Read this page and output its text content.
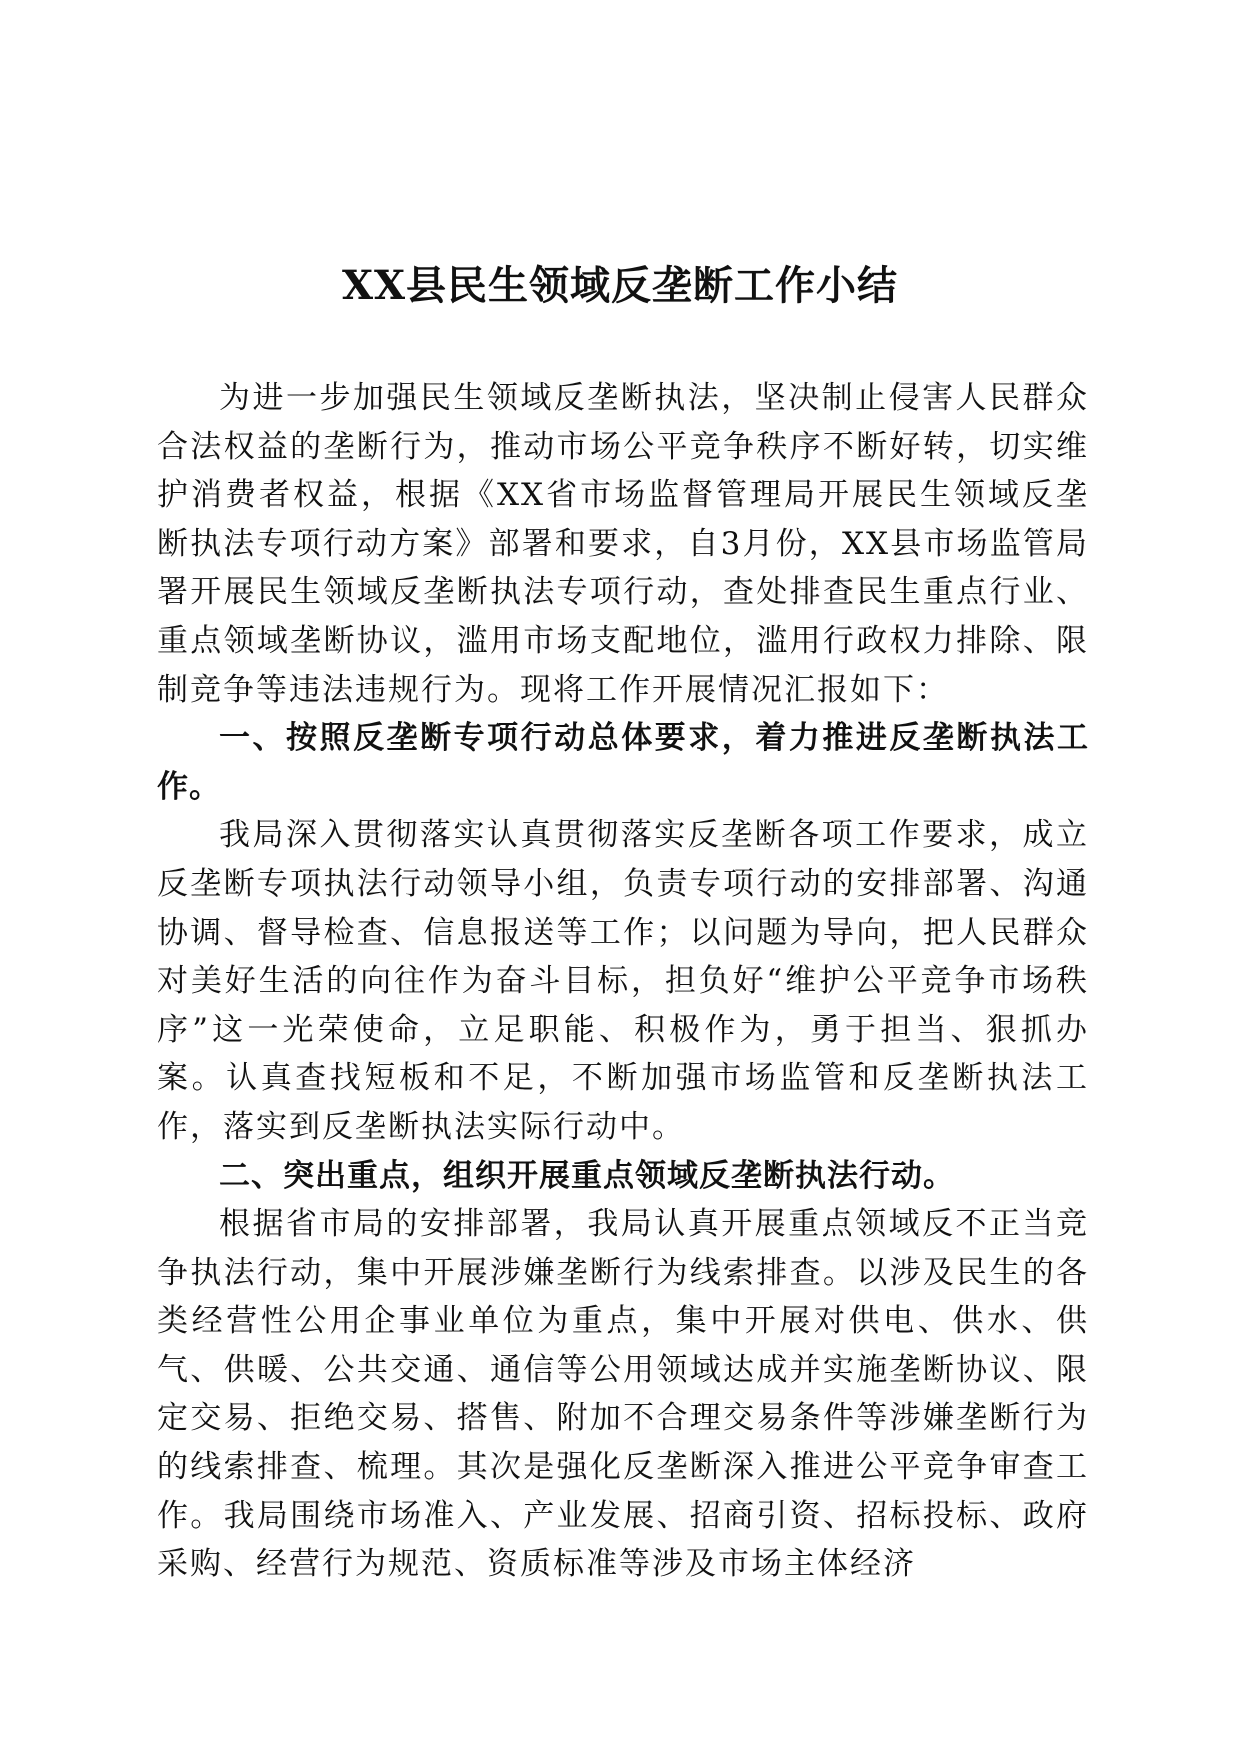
XX县民生领域反垄断工作小结

为进一步加强民生领域反垄断执法，坚决制止侵害人民群众合法权益的垄断行为，推动市场公平竞争秩序不断好转，切实维护消费者权益，根据《XX省市场监督管理局开展民生领域反垄断执法专项行动方案》部署和要求，自3月份，XX县市场监管局署开展民生领域反垄断执法专项行动，查处排查民生重点行业、重点领域垄断协议，滥用市场支配地位，滥用行政权力排除、限制竞争等违法违规行为。现将工作开展情况汇报如下：

一、按照反垄断专项行动总体要求，着力推进反垄断执法工作。

我局深入贯彻落实认真贯彻落实反垄断各项工作要求，成立反垄断专项执法行动领导小组，负责专项行动的安排部署、沟通协调、督导检查、信息报送等工作；以问题为导向，把人民群众对美好生活的向往作为奋斗目标，担负好“维护公平竞争市场秩序”这一光荣使命，立足职能、积极作为，勇于担当、狠抓办案。认真查找短板和不足，不断加强市场监管和反垄断执法工作，落实到反垄断执法实际行动中。

二、突出重点，组织开展重点领域反垄断执法行动。

根据省市局的安排部署，我局认真开展重点领域反不正当竞争执法行动，集中开展涉嫌垄断行为线索排查。以涉及民生的各类经营性公用企事业单位为重点，集中开展对供电、供水、供气、供暖、公共交通、通信等公用领域达成并实施垄断协议、限定交易、拒绝交易、搭售、附加不合理交易条件等涉嫌垄断行为的线索排查、梳理。其次是强化反垄断深入推进公平竞争审查工作。我局围绕市场准入、产业发展、招商引资、招标投标、政府采购、经营行为规范、资质标准等涉及市场主体经济
